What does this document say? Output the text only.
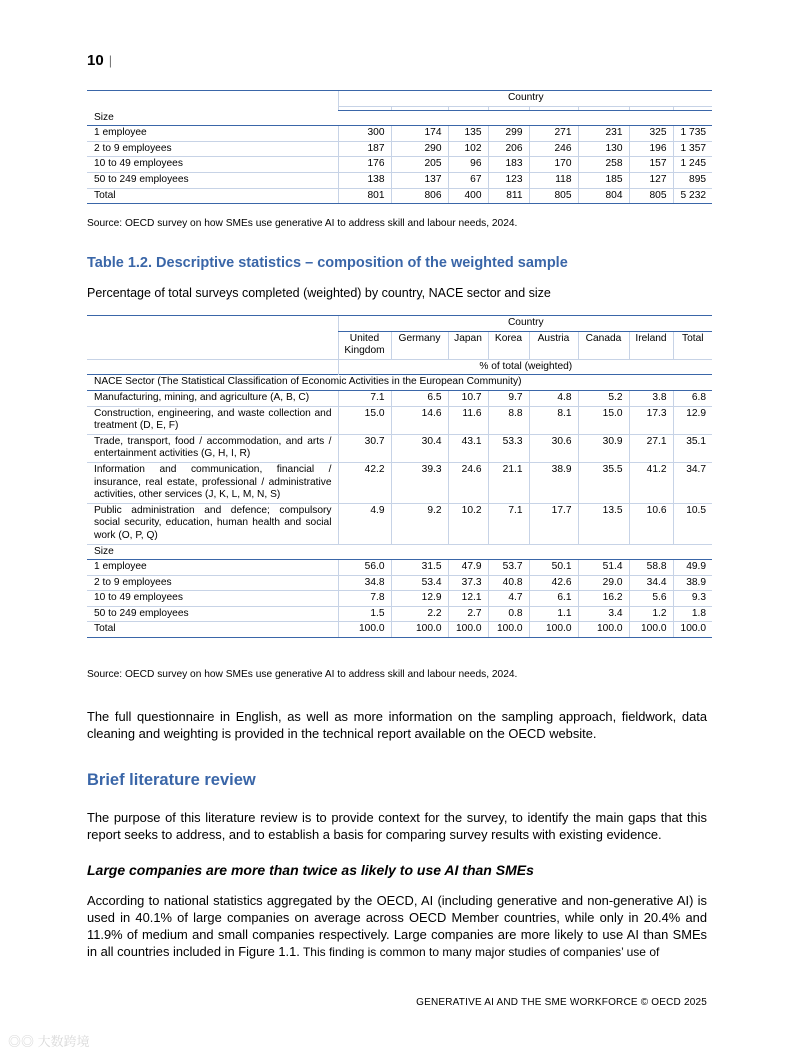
10 |
	Country							

Size								
1 employee	300	174	135	299	271	231	325	1 735
2 to 9 employees	187	290	102	206	246	130	196	1 357
10 to 49 employees	176	205	96	183	170	258	157	1 245
50 to 249 employees	138	137	67	123	118	185	127	895
Total	801	806	400	811	805	804	805	5 232
Source: OECD survey on how SMEs use generative AI to address skill and labour needs, 2024.
Table 1.2. Descriptive statistics – composition of the weighted sample
Percentage of total surveys completed (weighted) by country, NACE sector and size
	Country							
	United Kingdom	Germany	Japan	Korea	Austria	Canada	Ireland	Total
	% of total (weighted)							
NACE Sector (The Statistical Classification of Economic Activities in the European Community)								
Manufacturing, mining, and agriculture (A, B, C)	7.1	6.5	10.7	9.7	4.8	5.2	3.8	6.8
Construction, engineering, and waste collection and treatment (D, E, F)	15.0	14.6	11.6	8.8	8.1	15.0	17.3	12.9
Trade, transport, food / accommodation, and arts / entertainment activities (G, H, I, R)	30.7	30.4	43.1	53.3	30.6	30.9	27.1	35.1
Information and communication, financial / insurance, real estate, professional / administrative activities, other services (J, K, L, M, N, S)	42.2	39.3	24.6	21.1	38.9	35.5	41.2	34.7
Public administration and defence; compulsory social security, education, human health and social work (O, P, Q)	4.9	9.2	10.2	7.1	17.7	13.5	10.6	10.5
Size								
1 employee	56.0	31.5	47.9	53.7	50.1	51.4	58.8	49.9
2 to 9 employees	34.8	53.4	37.3	40.8	42.6	29.0	34.4	38.9
10 to 49 employees	7.8	12.9	12.1	4.7	6.1	16.2	5.6	9.3
50 to 249 employees	1.5	2.2	2.7	0.8	1.1	3.4	1.2	1.8
Total	100.0	100.0	100.0	100.0	100.0	100.0	100.0	100.0
Source: OECD survey on how SMEs use generative AI to address skill and labour needs, 2024.
The full questionnaire in English, as well as more information on the sampling approach, fieldwork, data cleaning and weighting is provided in the technical report available on the OECD website.
Brief literature review
The purpose of this literature review is to provide context for the survey, to identify the main gaps that this report seeks to address, and to establish a basis for comparing survey results with existing evidence.
Large companies are more than twice as likely to use AI than SMEs
According to national statistics aggregated by the OECD, AI (including generative and non-generative AI) is used in 40.1% of large companies on average across OECD Member countries, while only in 20.4% and 11.9% of medium and small companies respectively. Large companies are more likely to use AI than SMEs in all countries included in Figure 1.1. This finding is common to many major studies of companies’ use of
GENERATIVE AI AND THE SME WORKFORCE © OECD 2025
◎◎ 大数跨境
